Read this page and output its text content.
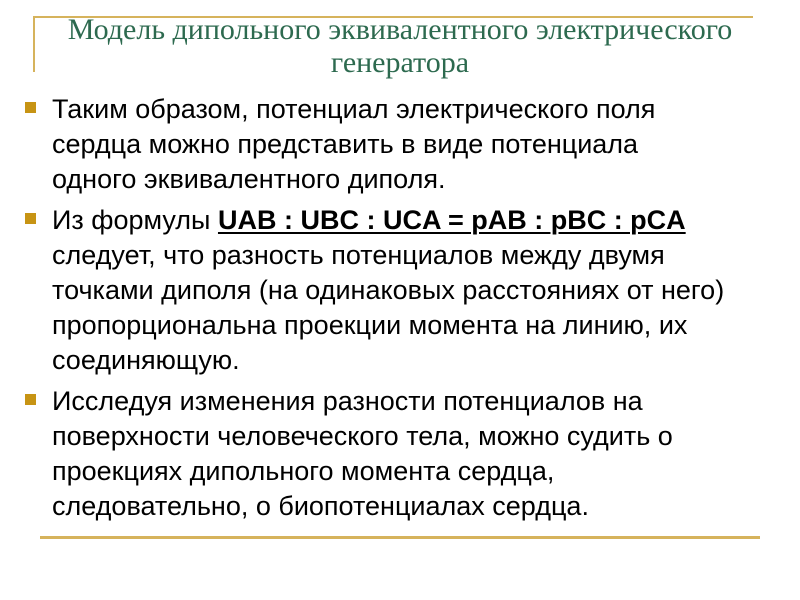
Модель дипольного эквивалентного электрического генератора
Таким образом, потенциал электрического поля
сердца можно представить в виде потенциала
одного эквивалентного диполя.
Из формулы UAB : UBC : UCA = pAB : pBC : pCA
следует, что разность потенциалов между двумя
точками диполя (на одинаковых расстояниях от него)
пропорциональна проекции момента на линию, их
соединяющую.
Исследуя изменения разности потенциалов на
поверхности человеческого тела, можно судить о
проекциях дипольного момента сердца,
следовательно, о биопотенциалах сердца.
